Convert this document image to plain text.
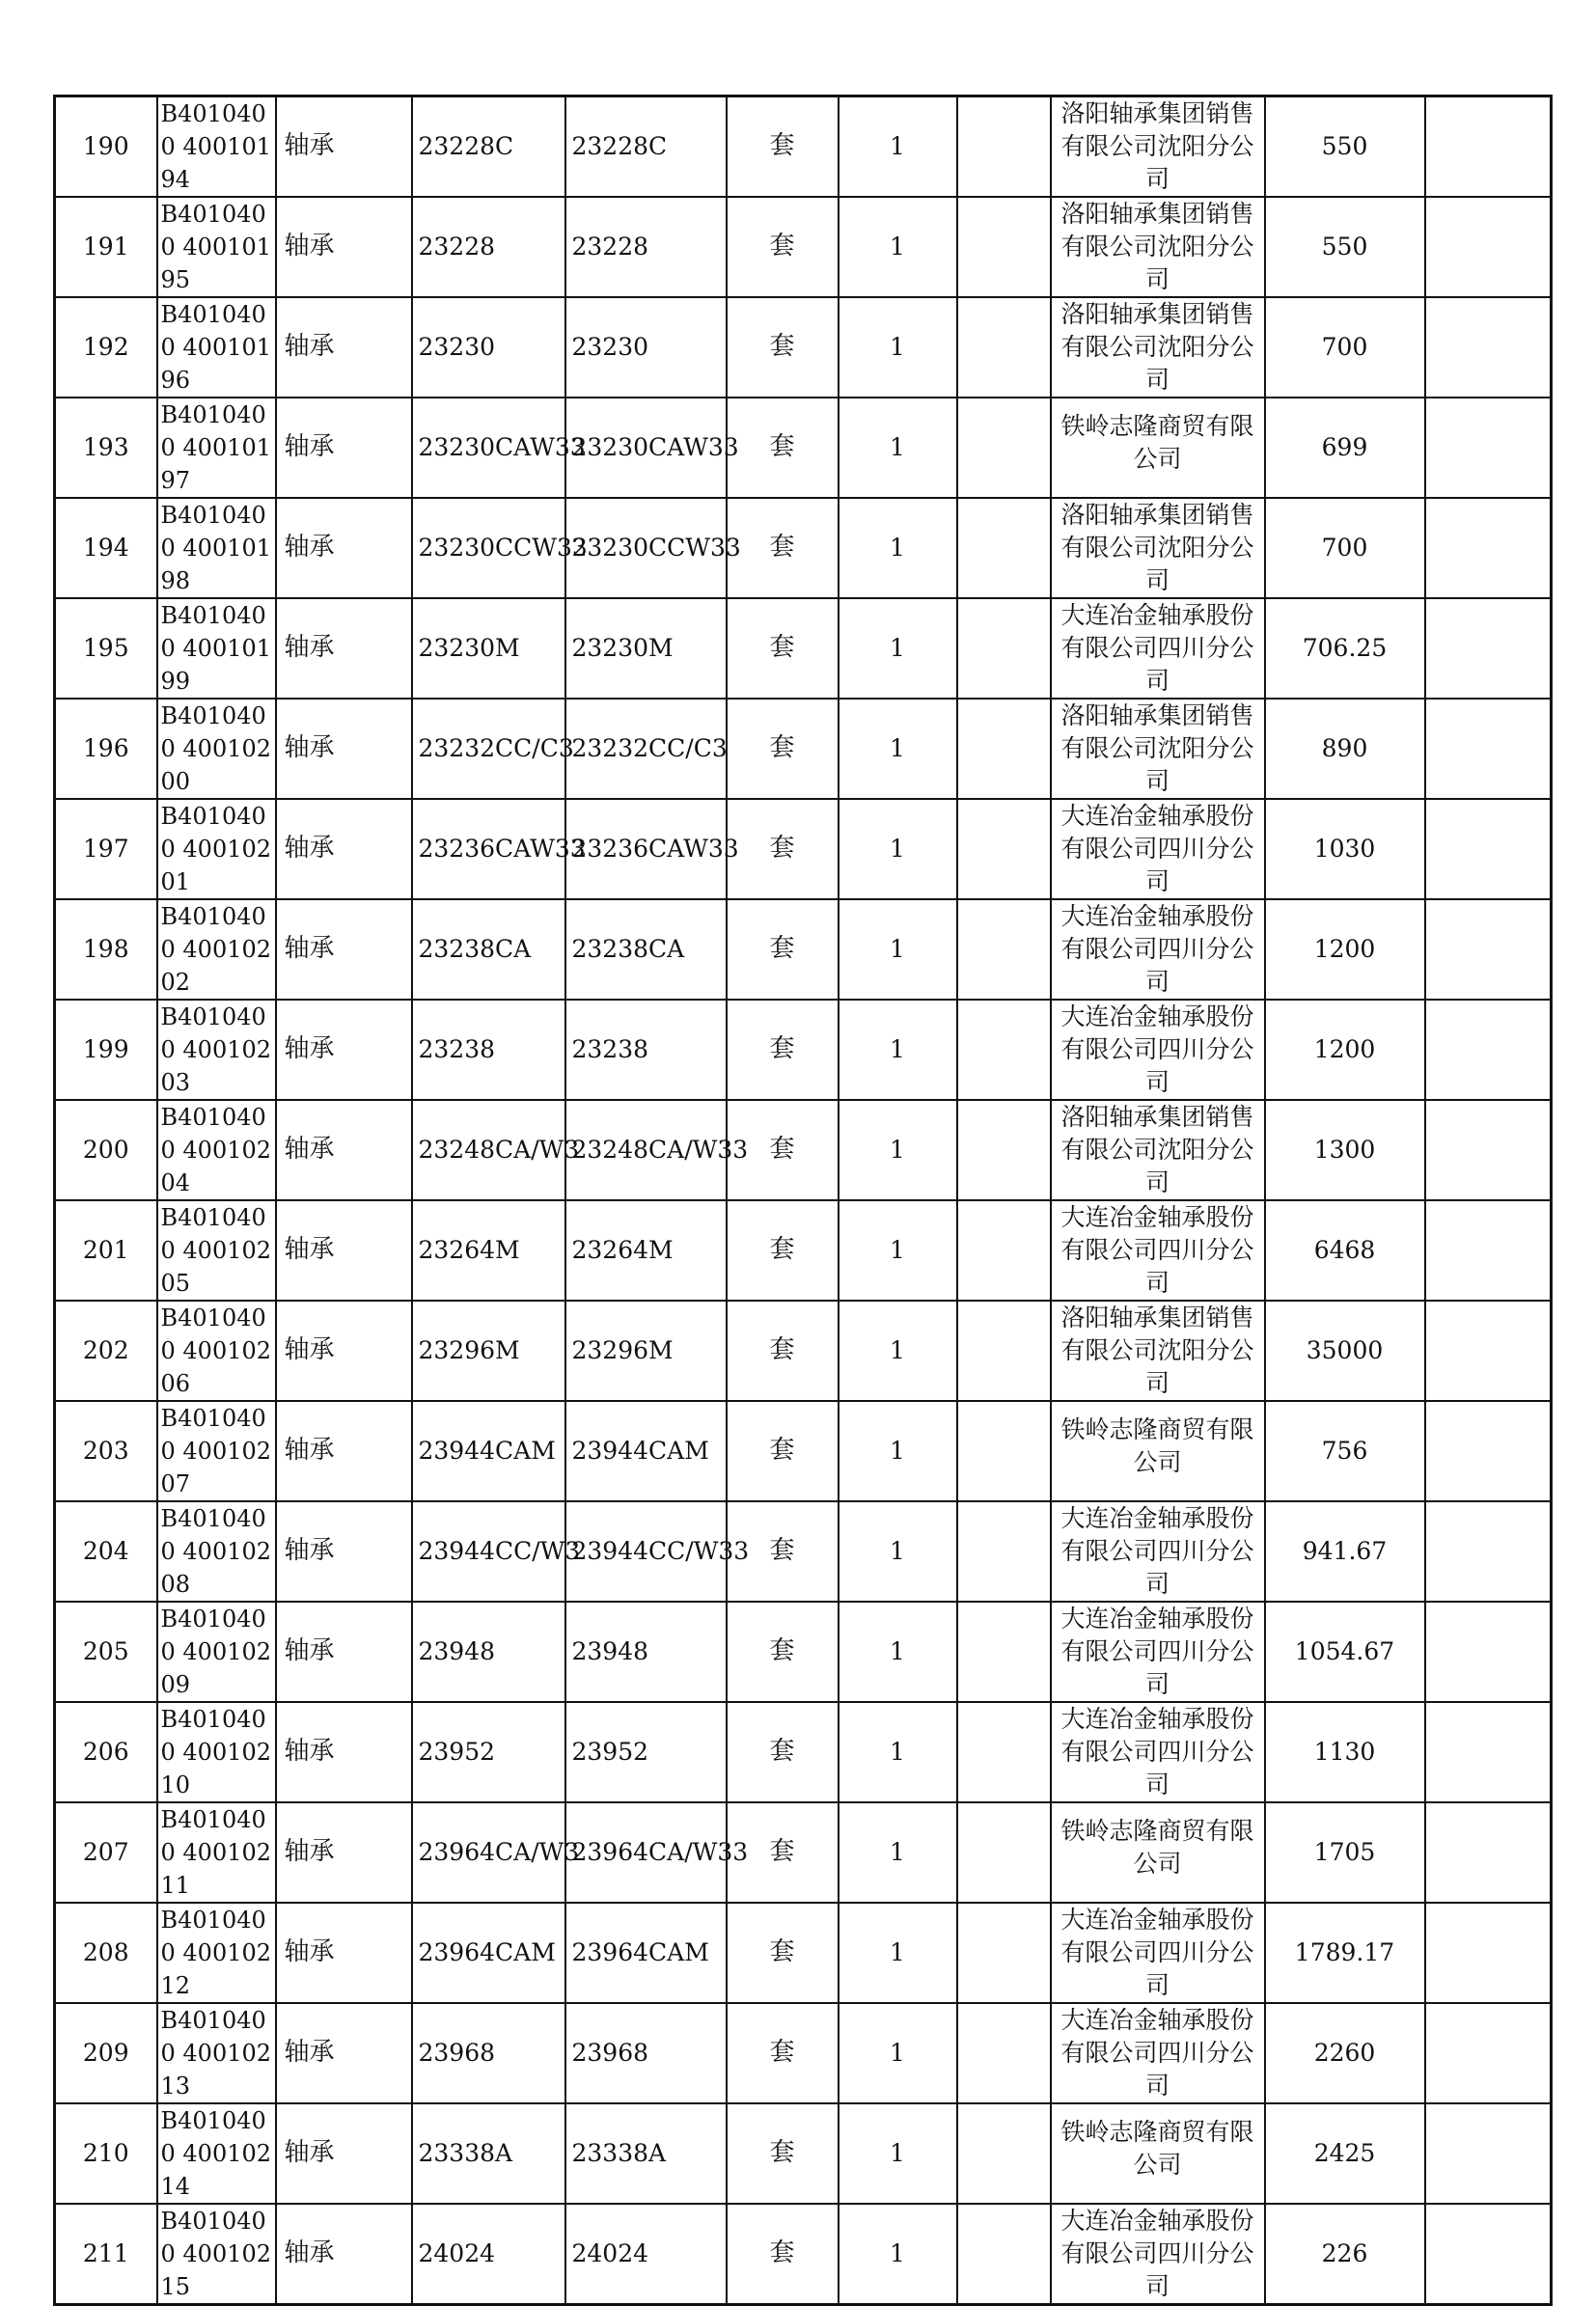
190	B4010400 40010194	轴承	23228C	23228C	套	1		洛阳轴承集团销售有限公司沈阳分公司	550	
191	B4010400 40010195	轴承	23228	23228	套	1		洛阳轴承集团销售有限公司沈阳分公司	550	
192	B4010400 40010196	轴承	23230	23230	套	1		洛阳轴承集团销售有限公司沈阳分公司	700	
193	B4010400 40010197	轴承	23230CAW33	23230CAW33	套	1		铁岭志隆商贸有限公司	699	
194	B4010400 40010198	轴承	23230CCW33	23230CCW33	套	1		洛阳轴承集团销售有限公司沈阳分公司	700	
195	B4010400 40010199	轴承	23230M	23230M	套	1		大连冶金轴承股份有限公司四川分公司	706.25	
196	B4010400 40010200	轴承	23232CC/C3	23232CC/C3	套	1		洛阳轴承集团销售有限公司沈阳分公司	890	
197	B4010400 40010201	轴承	23236CAW33	23236CAW33	套	1		大连冶金轴承股份有限公司四川分公司	1030	
198	B4010400 40010202	轴承	23238CA	23238CA	套	1		大连冶金轴承股份有限公司四川分公司	1200	
199	B4010400 40010203	轴承	23238	23238	套	1		大连冶金轴承股份有限公司四川分公司	1200	
200	B4010400 40010204	轴承	23248CA/W3	23248CA/W33	套	1		洛阳轴承集团销售有限公司沈阳分公司	1300	
201	B4010400 40010205	轴承	23264M	23264M	套	1		大连冶金轴承股份有限公司四川分公司	6468	
202	B4010400 40010206	轴承	23296M	23296M	套	1		洛阳轴承集团销售有限公司沈阳分公司	35000	
203	B4010400 40010207	轴承	23944CAM	23944CAM	套	1		铁岭志隆商贸有限公司	756	
204	B4010400 40010208	轴承	23944CC/W3	23944CC/W33	套	1		大连冶金轴承股份有限公司四川分公司	941.67	
205	B4010400 40010209	轴承	23948	23948	套	1		大连冶金轴承股份有限公司四川分公司	1054.67	
206	B4010400 40010210	轴承	23952	23952	套	1		大连冶金轴承股份有限公司四川分公司	1130	
207	B4010400 40010211	轴承	23964CA/W3	23964CA/W33	套	1		铁岭志隆商贸有限公司	1705	
208	B4010400 40010212	轴承	23964CAM	23964CAM	套	1		大连冶金轴承股份有限公司四川分公司	1789.17	
209	B4010400 40010213	轴承	23968	23968	套	1		大连冶金轴承股份有限公司四川分公司	2260	
210	B4010400 40010214	轴承	23338A	23338A	套	1		铁岭志隆商贸有限公司	2425	
211	B4010400 40010215	轴承	24024	24024	套	1		大连冶金轴承股份有限公司四川分公司	226	
